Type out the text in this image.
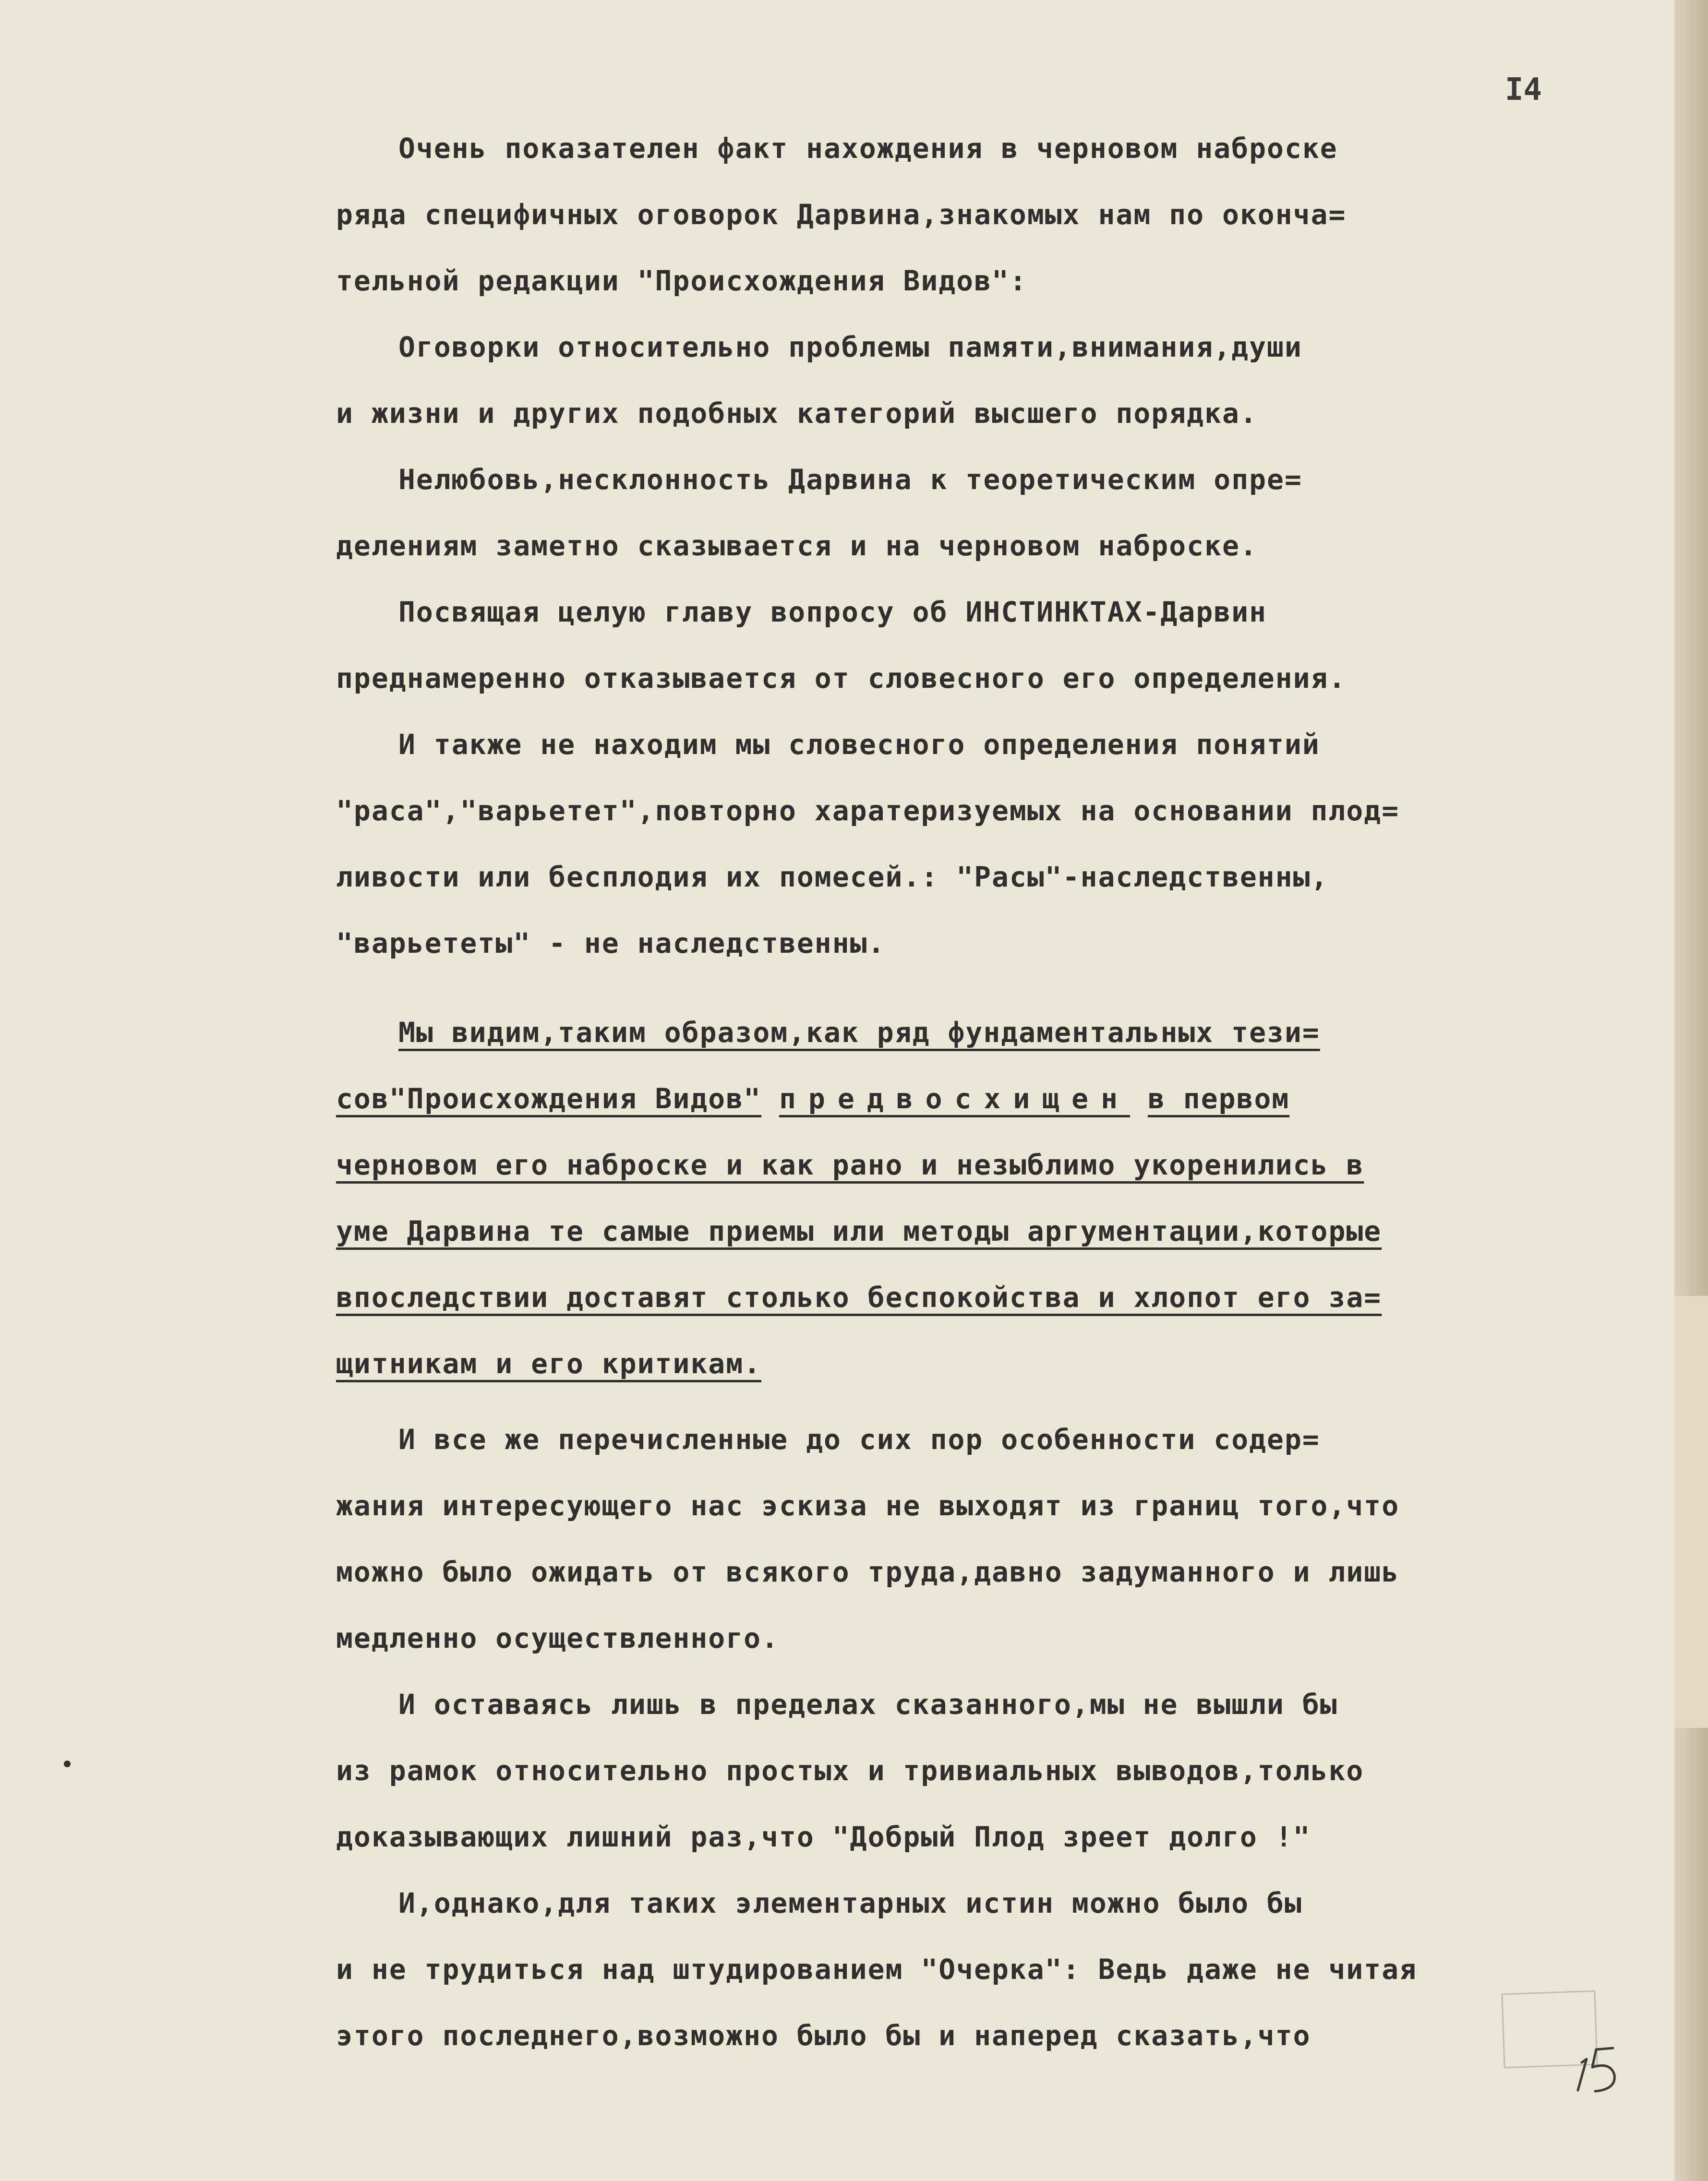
I4
Очень показателен факт нахождения в черновом наброске
ряда специфичных оговорок Дарвина,знакомых нам по оконча=
тельной редакции "Происхождения Видов":
Оговорки относительно проблемы памяти,внимания,души
и жизни и других подобных категорий высшего порядка.
Нелюбовь,несклонность Дарвина к теоретическим опре=
делениям заметно сказывается и на черновом наброске.
Посвящая целую главу вопросу об ИНСТИНКТАХ-Дарвин
преднамеренно отказывается от словесного его определения.
И также не находим мы словесного определения понятий
"раса","варьетет",повторно харатеризуемых на основании плод=
ливости или бесплодия их помесей.: "Расы"-наследственны,
"варьететы" - не наследственны.
Мы видим,таким образом,как ряд фундаментальных тези=
сов"Происхождения Видов" предвосхищен в первом
черновом его наброске и как рано и незыблимо укоренились в
уме Дарвина те самые приемы или методы аргументации,которые
впоследствии доставят столько беспокойства и хлопот его за=
щитникам и его критикам.
И все же перечисленные до сих пор особенности содер=
жания интересующего нас эскиза не выходят из границ того,что
можно было ожидать от всякого труда,давно задуманного и лишь
медленно осуществленного.
И оставаясь лишь в пределах сказанного,мы не вышли бы
из рамок относительно простых и тривиальных выводов,только
доказывающих лишний раз,что "Добрый Плод зреет долго !"
И,однако,для таких элементарных истин можно было бы
и не трудиться над штудированием "Очерка": Ведь даже не читая
этого последнего,возможно было бы и наперед сказать,что
